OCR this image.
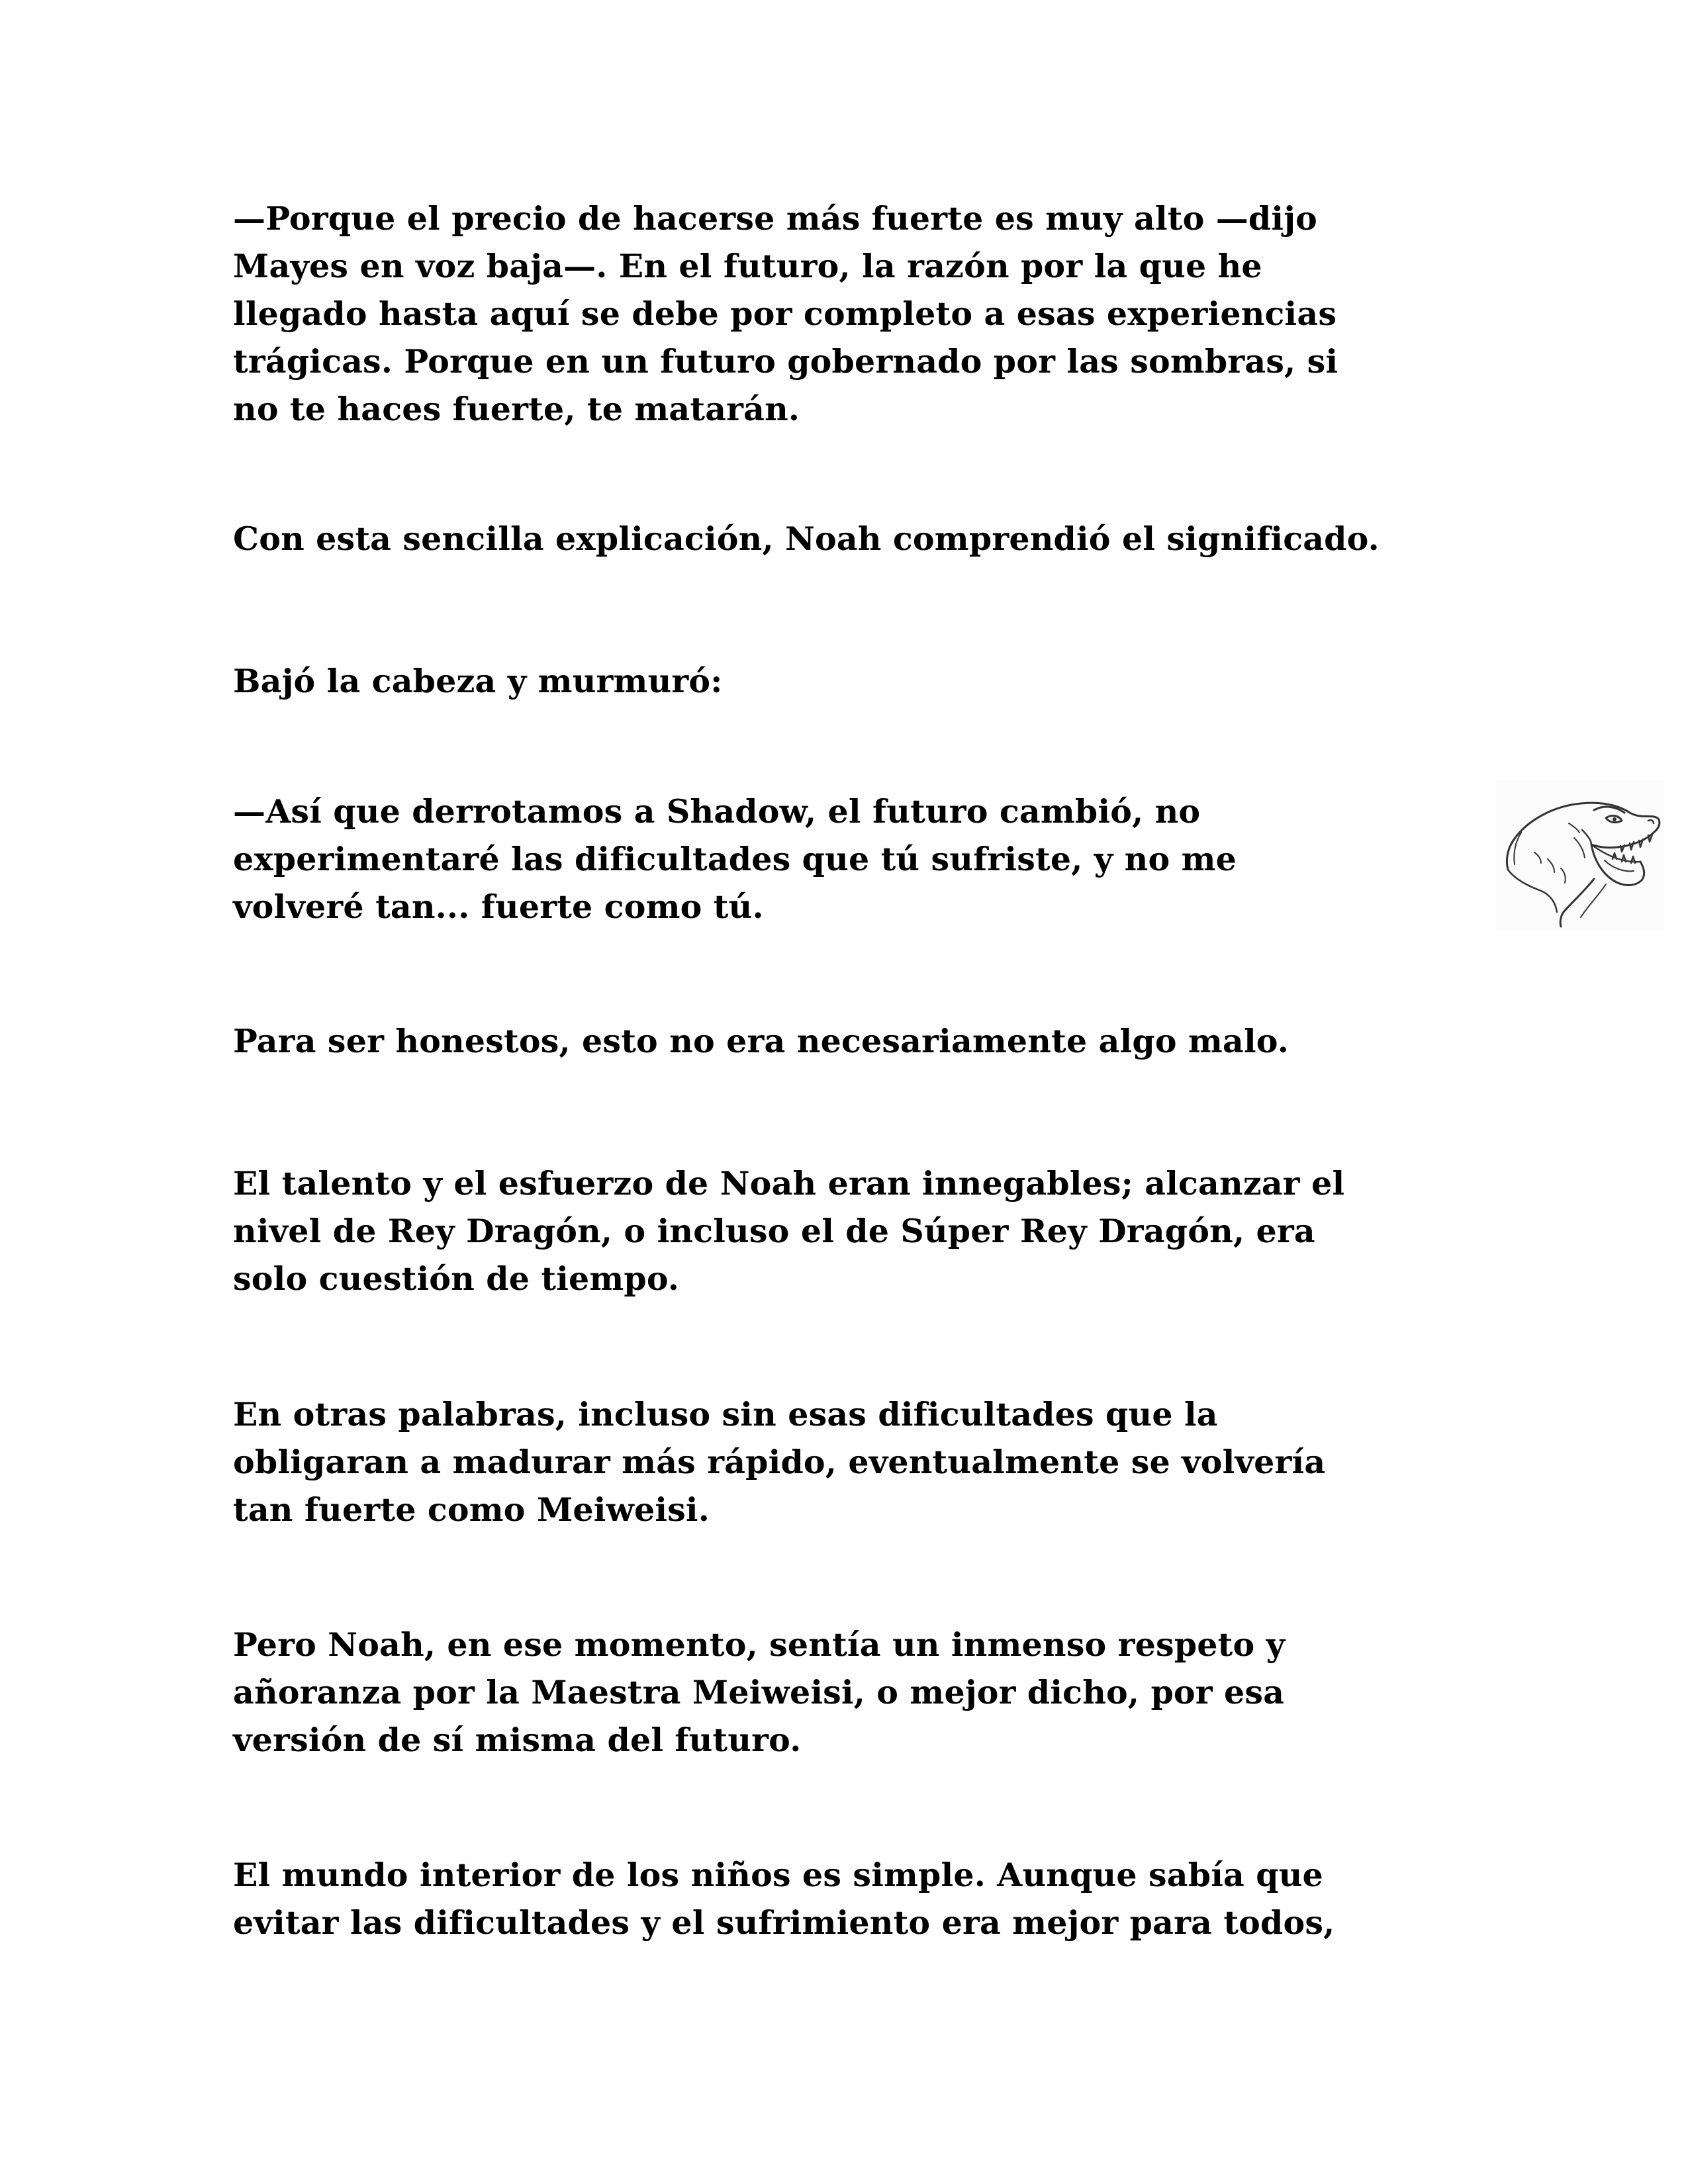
—Porque el precio de hacerse más fuerte es muy alto —dijo
Mayes en voz baja—. En el futuro, la razón por la que he
llegado hasta aquí se debe por completo a esas experiencias
trágicas. Porque en un futuro gobernado por las sombras, si
no te haces fuerte, te matarán.
Con esta sencilla explicación, Noah comprendió el significado.
Bajó la cabeza y murmuró:
—Así que derrotamos a Shadow, el futuro cambió, no
experimentaré las dificultades que tú sufriste, y no me
volveré tan... fuerte como tú.
Para ser honestos, esto no era necesariamente algo malo.
El talento y el esfuerzo de Noah eran innegables; alcanzar el
nivel de Rey Dragón, o incluso el de Súper Rey Dragón, era
solo cuestión de tiempo.
En otras palabras, incluso sin esas dificultades que la
obligaran a madurar más rápido, eventualmente se volvería
tan fuerte como Meiweisi.
Pero Noah, en ese momento, sentía un inmenso respeto y
añoranza por la Maestra Meiweisi, o mejor dicho, por esa
versión de sí misma del futuro.
El mundo interior de los niños es simple. Aunque sabía que
evitar las dificultades y el sufrimiento era mejor para todos,
